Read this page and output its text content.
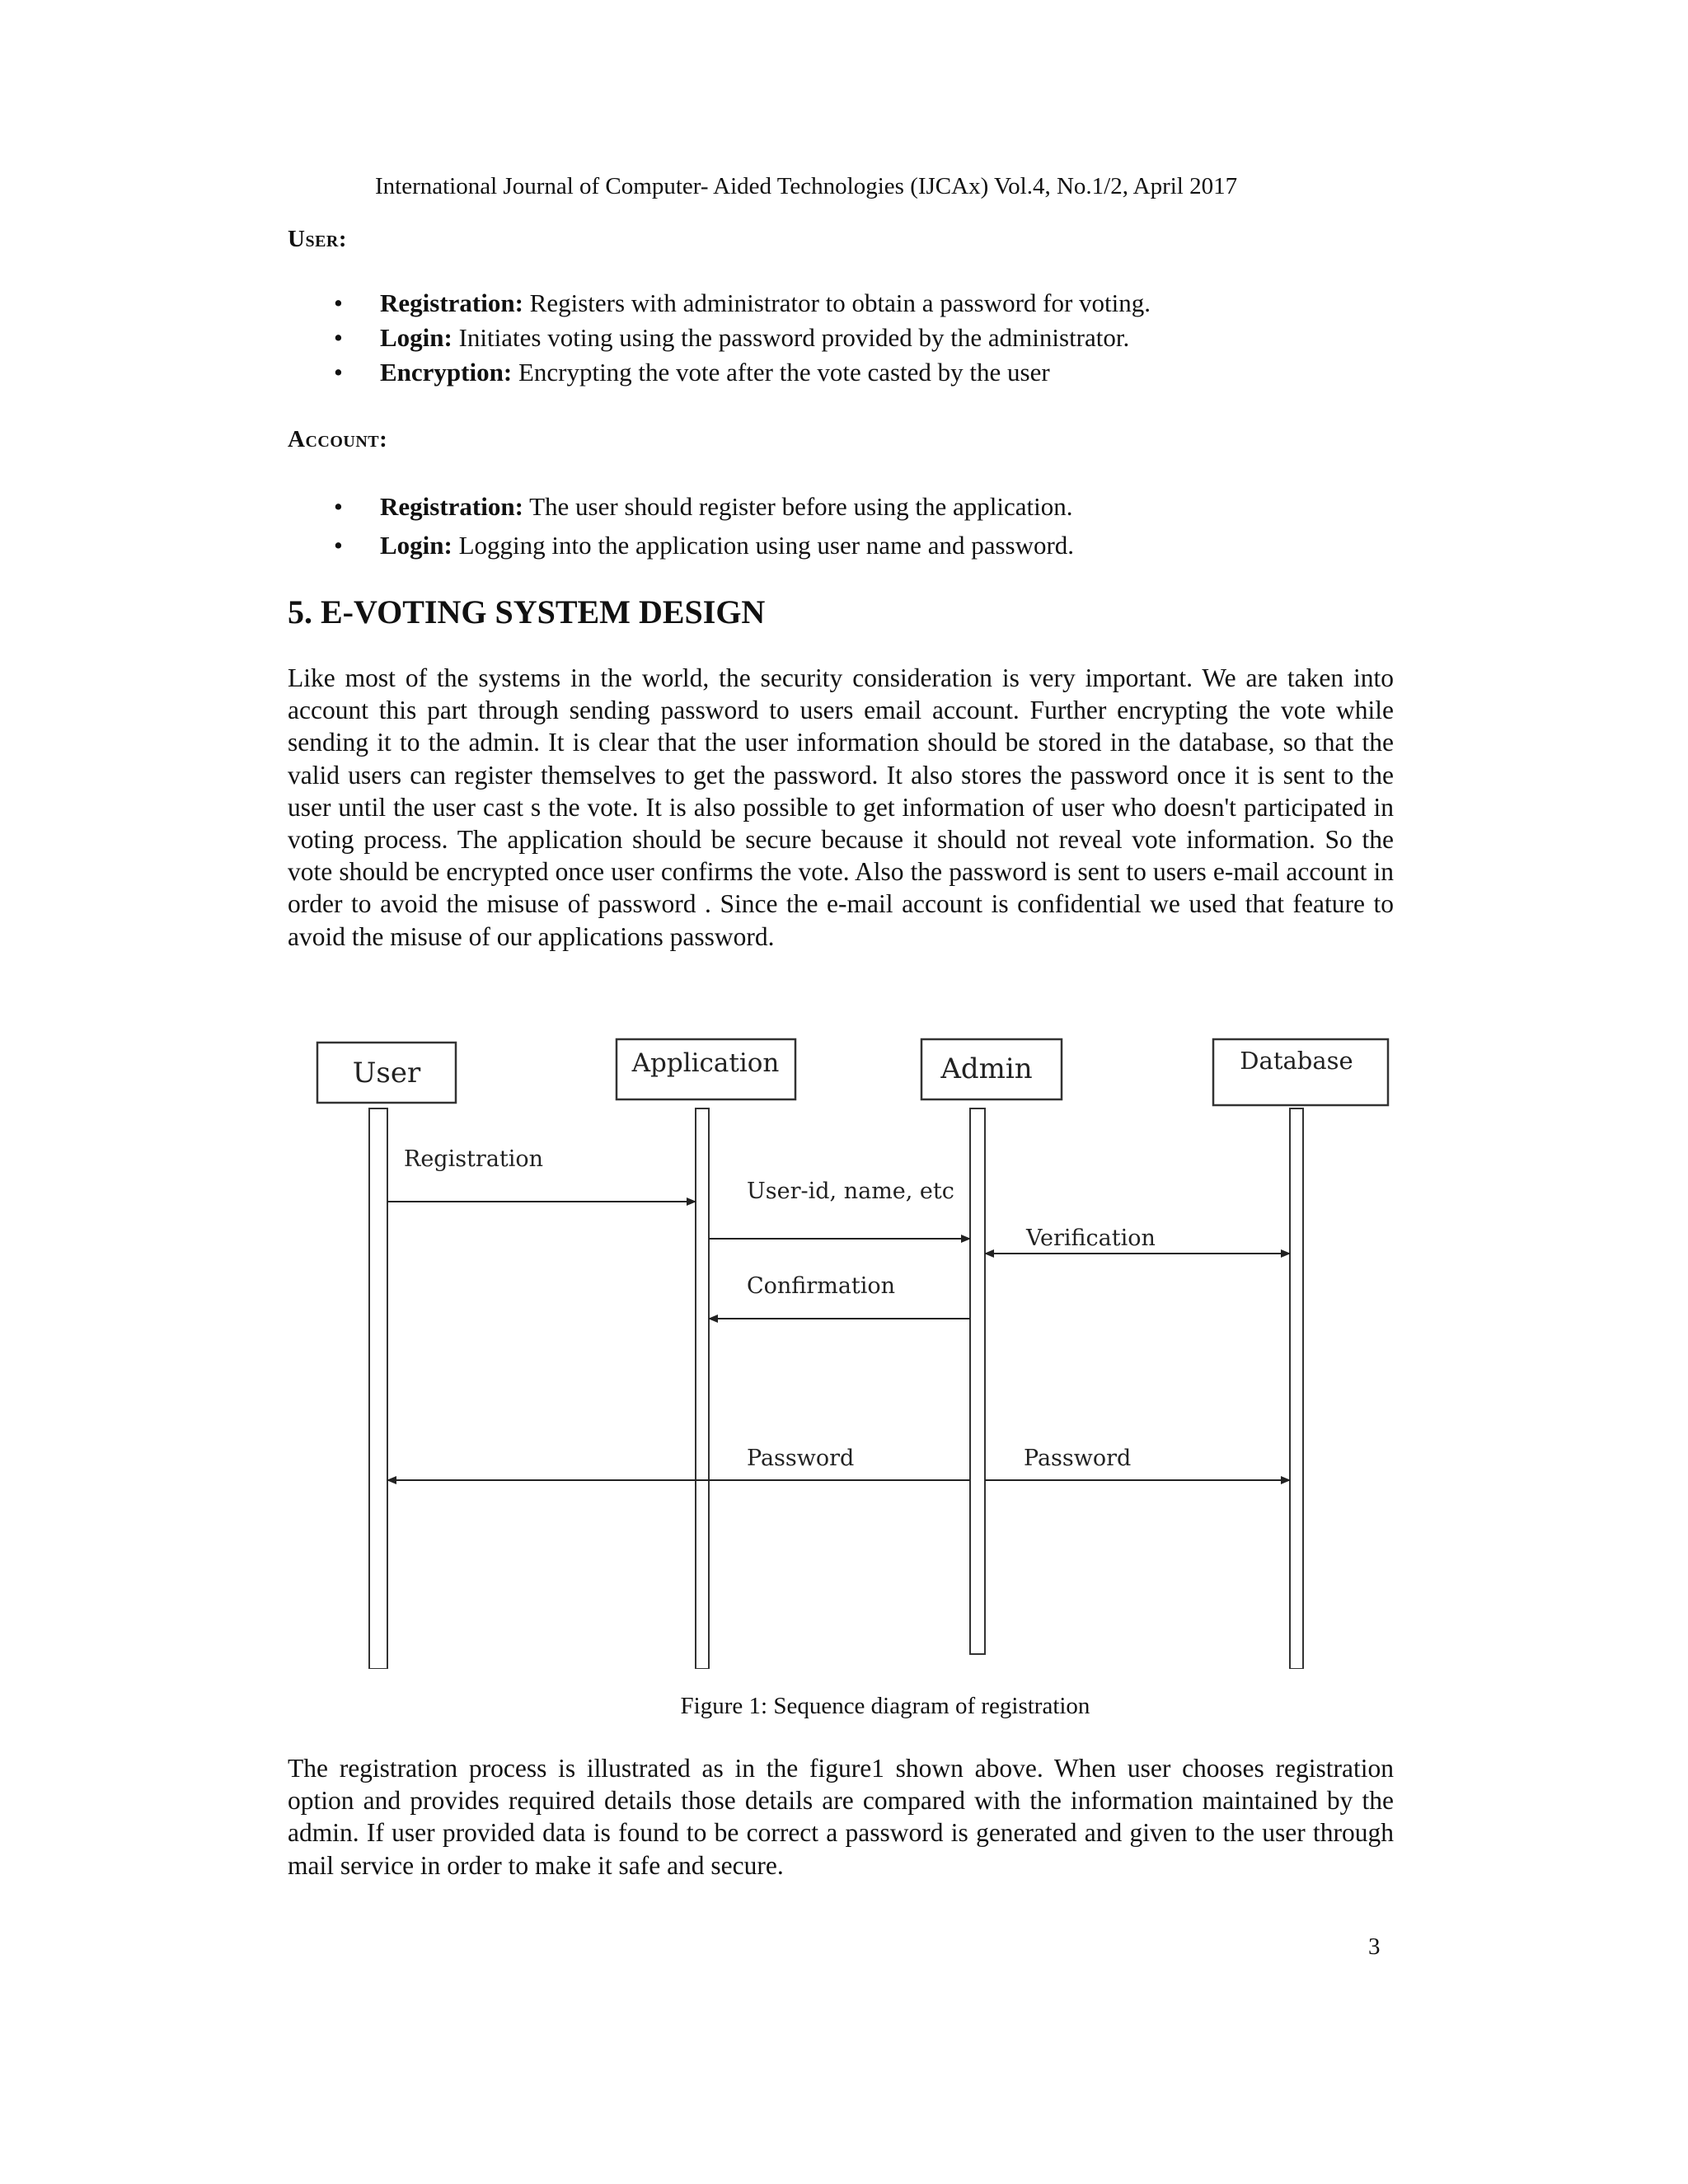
International Journal of Computer- Aided Technologies (IJCAx) Vol.4, No.1/2, April 2017
User:
• Registration: Registers with administrator to obtain a password for voting.
• Login: Initiates voting using the password provided by the administrator.
• Encryption: Encrypting the vote after the vote casted by the user
Account:
• Registration: The user should register before using the application.
• Login: Logging into the application using user name and password.
5. E-VOTING SYSTEM DESIGN

Like most of the systems in the world, the security consideration is very important. We are taken into account this part through sending password to users email account. Further encrypting the vote while sending it to the admin. It is clear that the user information should be stored in the database, so that the valid users can register themselves to get the password. It also stores the password once it is sent to the user until the user cast s the vote. It is also possible to get information of user who doesn't participated in voting process. The application should be secure because it should not reveal vote information. So the vote should be encrypted once user confirms the vote. Also the password is sent to users e-mail account in order to avoid the misuse of password . Since the e-mail account is confidential we used that feature to avoid the misuse of our applications password.

User	Application	Admin	Database
Registration
User-id, name, etc
Verification
Confirmation
Password	Password
Figure 1: Sequence diagram of registration

The registration process is illustrated as in the figure1 shown above. When user chooses registration option and provides required details those details are compared with the information maintained by the admin. If user provided data is found to be correct a password is generated and given to the user through mail service in order to make it safe and secure.

3
